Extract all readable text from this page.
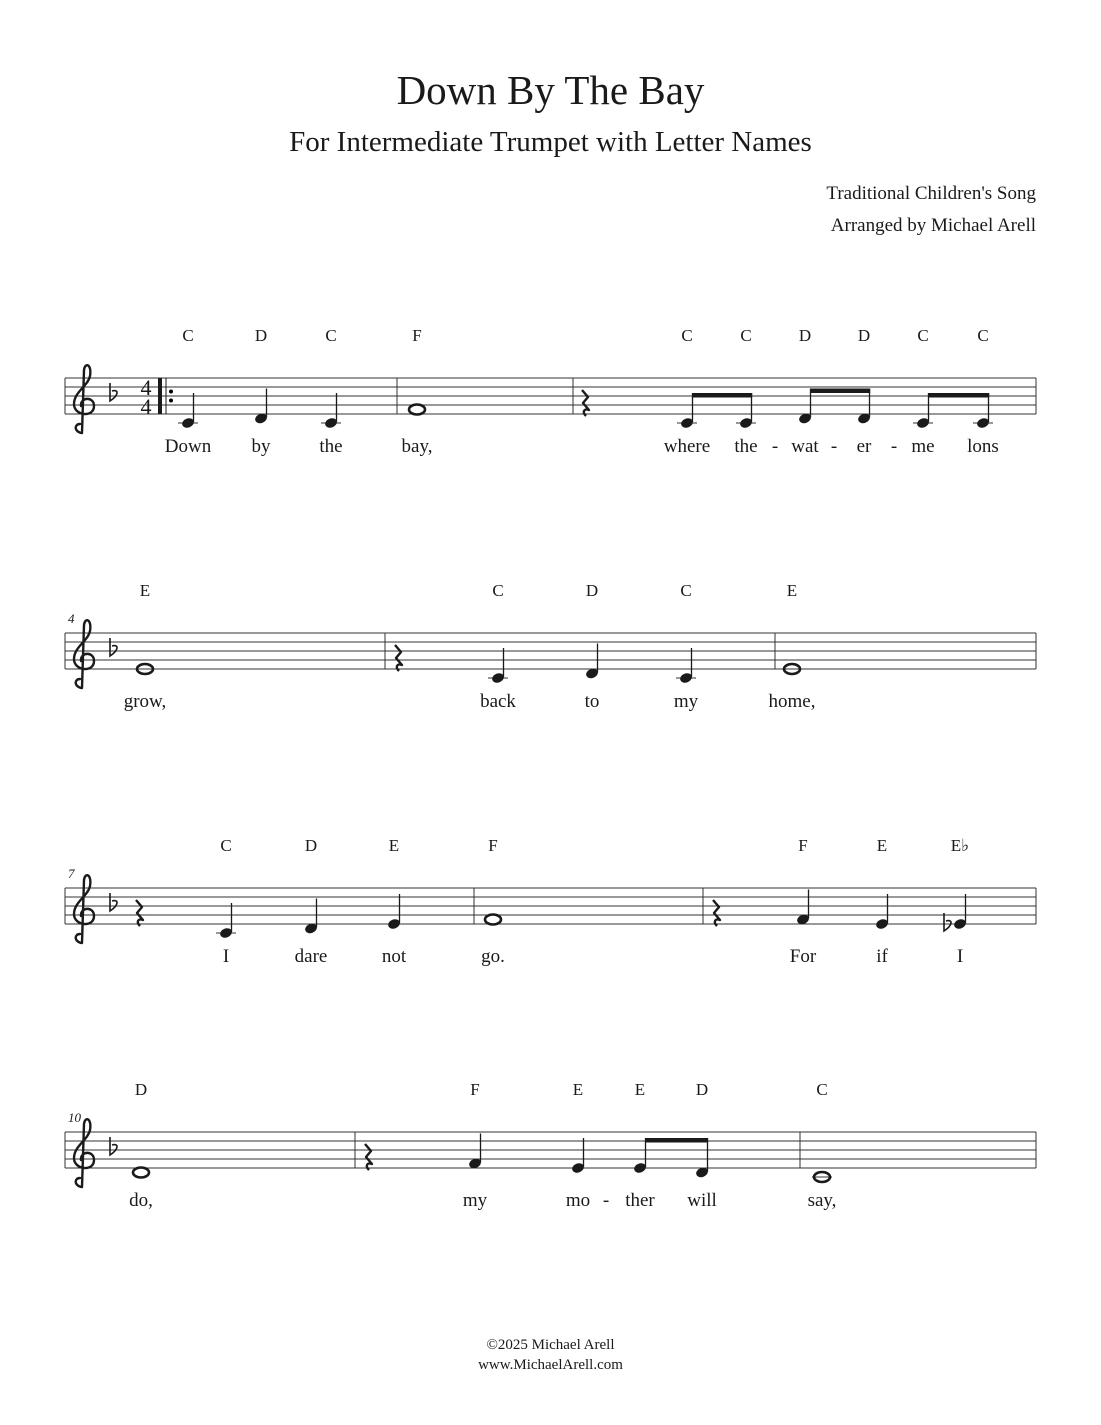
Down By The Bay
For Intermediate Trumpet with Letter Names
Traditional Children's Song
Arranged by Michael Arell
4
4
C
Down
D
by
C
the
F
bay,
C
where
C
the
D
wat
D
er
C
me
C
lons
-	-	-
4
E
grow,
C
back
D
to
C
my
E
home,
7
C
I
D
dare
E
not
F
go.
F
For
E
if
E♭
I
10
D
do,
F
my
E
mo
E
ther
D
will
C
say,
-
©2025 Michael Arell
www.MichaelArell.com
